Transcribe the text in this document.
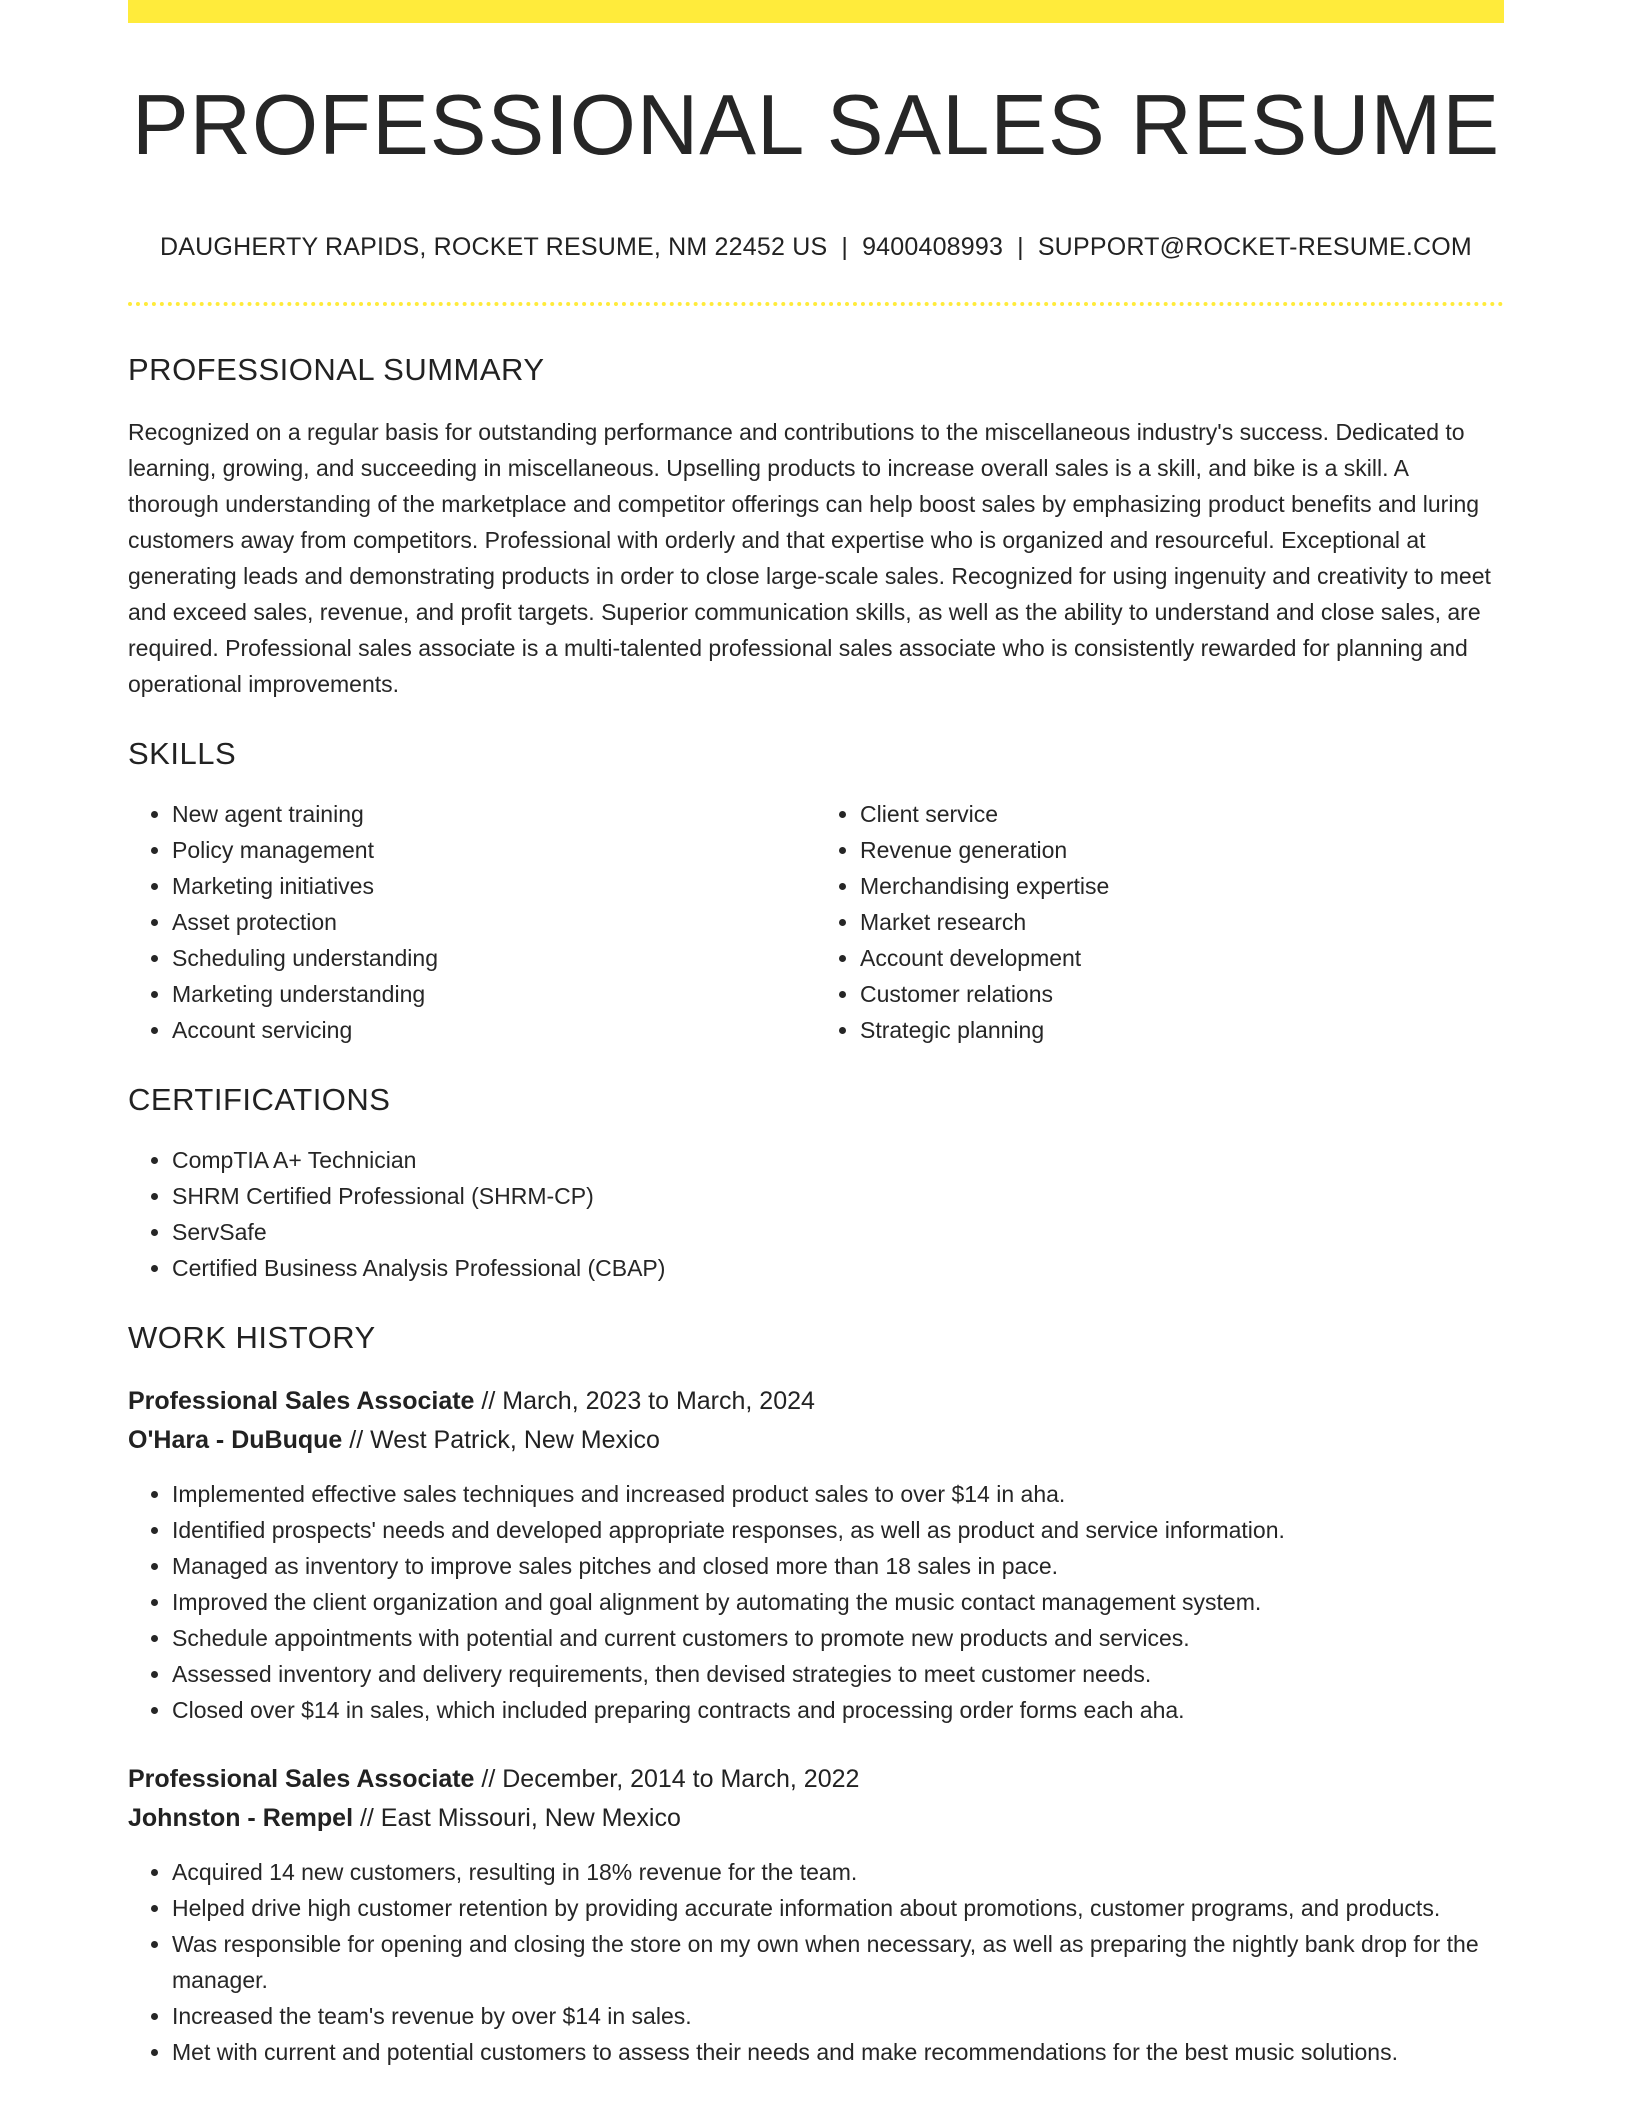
PROFESSIONAL SALES RESUME
DAUGHERTY RAPIDS, ROCKET RESUME, NM 22452 US | 9400408993 | SUPPORT@ROCKET-RESUME.COM
PROFESSIONAL SUMMARY

Recognized on a regular basis for outstanding performance and contributions to the miscellaneous industry's success. Dedicated to learning, growing, and succeeding in miscellaneous. Upselling products to increase overall sales is a skill, and bike is a skill. A thorough understanding of the marketplace and competitor offerings can help boost sales by emphasizing product benefits and luring customers away from competitors. Professional with orderly and that expertise who is organized and resourceful. Exceptional at generating leads and demonstrating products in order to close large-scale sales. Recognized for using ingenuity and creativity to meet and exceed sales, revenue, and profit targets. Superior communication skills, as well as the ability to understand and close sales, are required. Professional sales associate is a multi-talented professional sales associate who is consistently rewarded for planning and operational improvements.

SKILLS
• New agent training
• Policy management
• Marketing initiatives
• Asset protection
• Scheduling understanding
• Marketing understanding
• Account servicing
• Client service
• Revenue generation
• Merchandising expertise
• Market research
• Account development
• Customer relations
• Strategic planning
CERTIFICATIONS
• CompTIA A+ Technician
• SHRM Certified Professional (SHRM-CP)
• ServSafe
• Certified Business Analysis Professional (CBAP)
WORK HISTORY
Professional Sales Associate // March, 2023 to March, 2024
O'Hara - DuBuque // West Patrick, New Mexico
• Implemented effective sales techniques and increased product sales to over $14 in aha.
• Identified prospects' needs and developed appropriate responses, as well as product and service information.
• Managed as inventory to improve sales pitches and closed more than 18 sales in pace.
• Improved the client organization and goal alignment by automating the music contact management system.
• Schedule appointments with potential and current customers to promote new products and services.
• Assessed inventory and delivery requirements, then devised strategies to meet customer needs.
• Closed over $14 in sales, which included preparing contracts and processing order forms each aha.
Professional Sales Associate // December, 2014 to March, 2022
Johnston - Rempel // East Missouri, New Mexico
• Acquired 14 new customers, resulting in 18% revenue for the team.
• Helped drive high customer retention by providing accurate information about promotions, customer programs, and products.
• Was responsible for opening and closing the store on my own when necessary, as well as preparing the nightly bank drop for the manager.
• Increased the team's revenue by over $14 in sales.
• Met with current and potential customers to assess their needs and make recommendations for the best music solutions.
